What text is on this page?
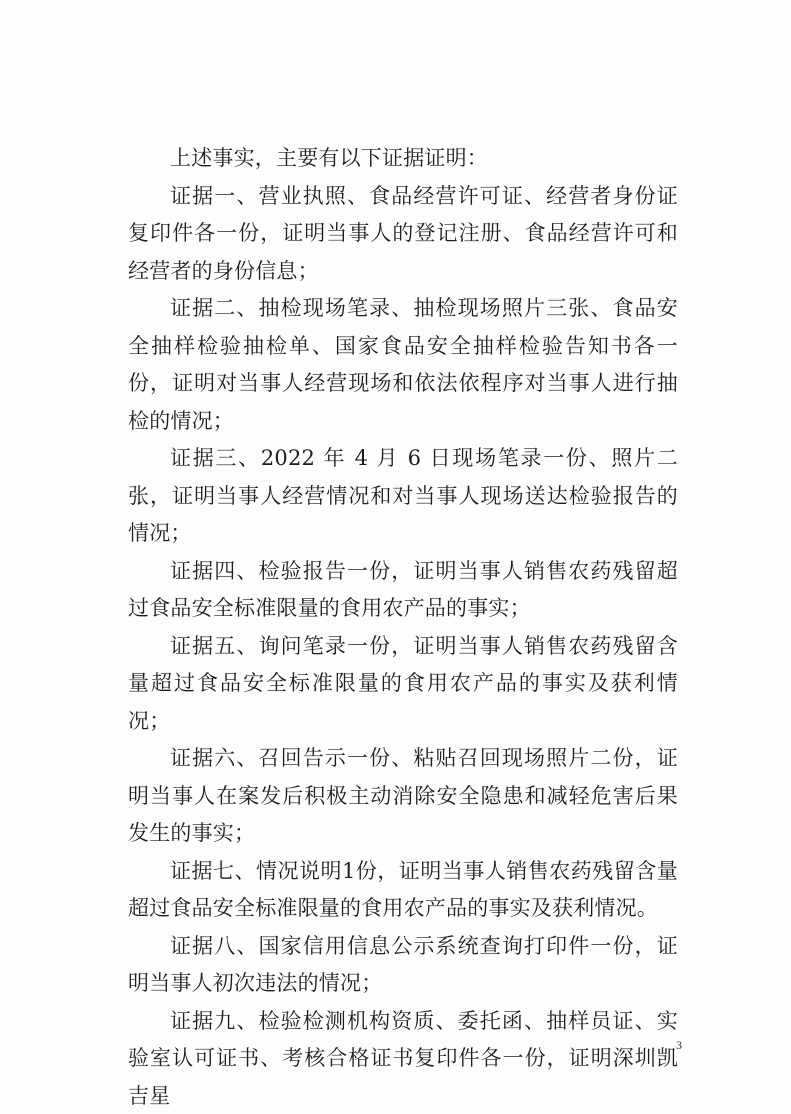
上述事实，主要有以下证据证明：

证据一、营业执照、食品经营许可证、经营者身份证复印件各一份，证明当事人的登记注册、食品经营许可和经营者的身份信息；

证据二、抽检现场笔录、抽检现场照片三张、食品安全抽样检验抽检单、国家食品安全抽样检验告知书各一份，证明对当事人经营现场和依法依程序对当事人进行抽检的情况；

证据三、2022 年 4 月 6 日现场笔录一份、照片二张，证明当事人经营情况和对当事人现场送达检验报告的情况；

证据四、检验报告一份，证明当事人销售农药残留超过食品安全标准限量的食用农产品的事实；

证据五、询问笔录一份，证明当事人销售农药残留含量超过食品安全标准限量的食用农产品的事实及获利情况；

证据六、召回告示一份、粘贴召回现场照片二份，证明当事人在案发后积极主动消除安全隐患和减轻危害后果发生的事实；

证据七、情况说明1份，证明当事人销售农药残留含量超过食品安全标准限量的食用农产品的事实及获利情况。

证据八、国家信用信息公示系统查询打印件一份，证明当事人初次违法的情况；

证据九、检验检测机构资质、委托函、抽样员证、实验室认可证书、考核合格证书复印件各一份，证明深圳凯吉星

3
